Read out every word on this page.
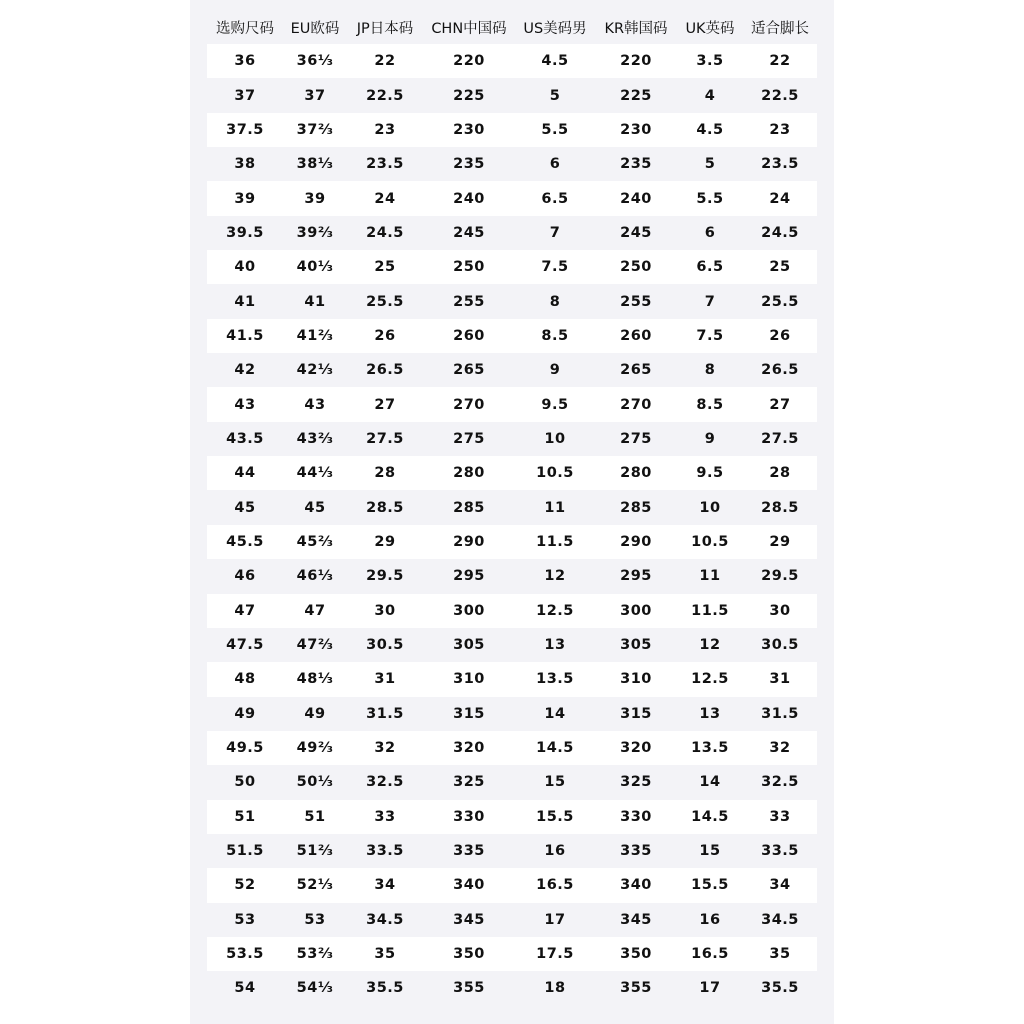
选购尺码	EU欧码	JP日本码	CHN中国码	US美码男	KR韩国码	UK英码	适合脚长
36	36⅓	22	220	4.5	220	3.5	22
37	37	22.5	225	5	225	4	22.5
37.5	37⅔	23	230	5.5	230	4.5	23
38	38⅓	23.5	235	6	235	5	23.5
39	39	24	240	6.5	240	5.5	24
39.5	39⅔	24.5	245	7	245	6	24.5
40	40⅓	25	250	7.5	250	6.5	25
41	41	25.5	255	8	255	7	25.5
41.5	41⅔	26	260	8.5	260	7.5	26
42	42⅓	26.5	265	9	265	8	26.5
43	43	27	270	9.5	270	8.5	27
43.5	43⅔	27.5	275	10	275	9	27.5
44	44⅓	28	280	10.5	280	9.5	28
45	45	28.5	285	11	285	10	28.5
45.5	45⅔	29	290	11.5	290	10.5	29
46	46⅓	29.5	295	12	295	11	29.5
47	47	30	300	12.5	300	11.5	30
47.5	47⅔	30.5	305	13	305	12	30.5
48	48⅓	31	310	13.5	310	12.5	31
49	49	31.5	315	14	315	13	31.5
49.5	49⅔	32	320	14.5	320	13.5	32
50	50⅓	32.5	325	15	325	14	32.5
51	51	33	330	15.5	330	14.5	33
51.5	51⅔	33.5	335	16	335	15	33.5
52	52⅓	34	340	16.5	340	15.5	34
53	53	34.5	345	17	345	16	34.5
53.5	53⅔	35	350	17.5	350	16.5	35
54	54⅓	35.5	355	18	355	17	35.5
